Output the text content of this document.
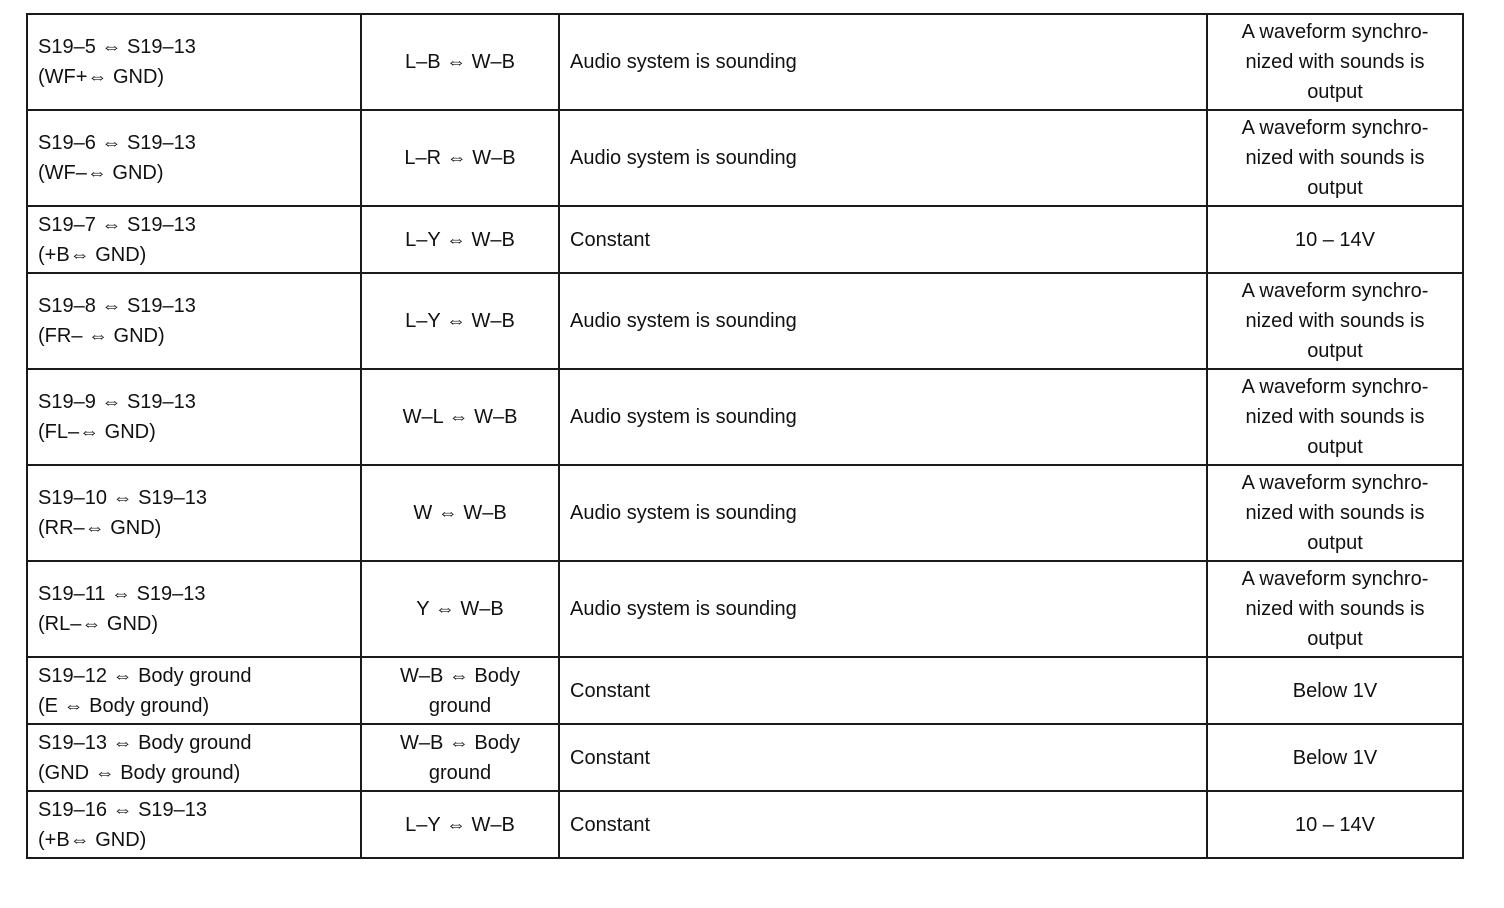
S19–5 ⇔ S19–13
(WF+⇔ GND)	L–B ⇔ W–B	Audio system is sounding	A waveform synchro-nized with sounds is output

S19–6 ⇔ S19–13
(WF–⇔ GND)	L–R ⇔ W–B	Audio system is sounding	A waveform synchro-nized with sounds is output

S19–7 ⇔ S19–13
(+B⇔ GND)	L–Y ⇔ W–B	Constant	10 – 14V

S19–8 ⇔ S19–13
(FR– ⇔ GND)	L–Y ⇔ W–B	Audio system is sounding	A waveform synchro-nized with sounds is output

S19–9 ⇔ S19–13
(FL–⇔ GND)	W–L ⇔ W–B	Audio system is sounding	A waveform synchro-nized with sounds is output

S19–10 ⇔ S19–13
(RR–⇔ GND)	W ⇔ W–B	Audio system is sounding	A waveform synchro-nized with sounds is output

S19–11 ⇔ S19–13
(RL–⇔ GND)	Y ⇔ W–B	Audio system is sounding	A waveform synchro-nized with sounds is output

S19–12 ⇔ Body ground
(E ⇔ Body ground)	W–B ⇔ Body ground	Constant	Below 1V

S19–13 ⇔ Body ground
(GND ⇔ Body ground)	W–B ⇔ Body ground	Constant	Below 1V

S19–16 ⇔ S19–13
(+B⇔ GND)	L–Y ⇔ W–B	Constant	10 – 14V
